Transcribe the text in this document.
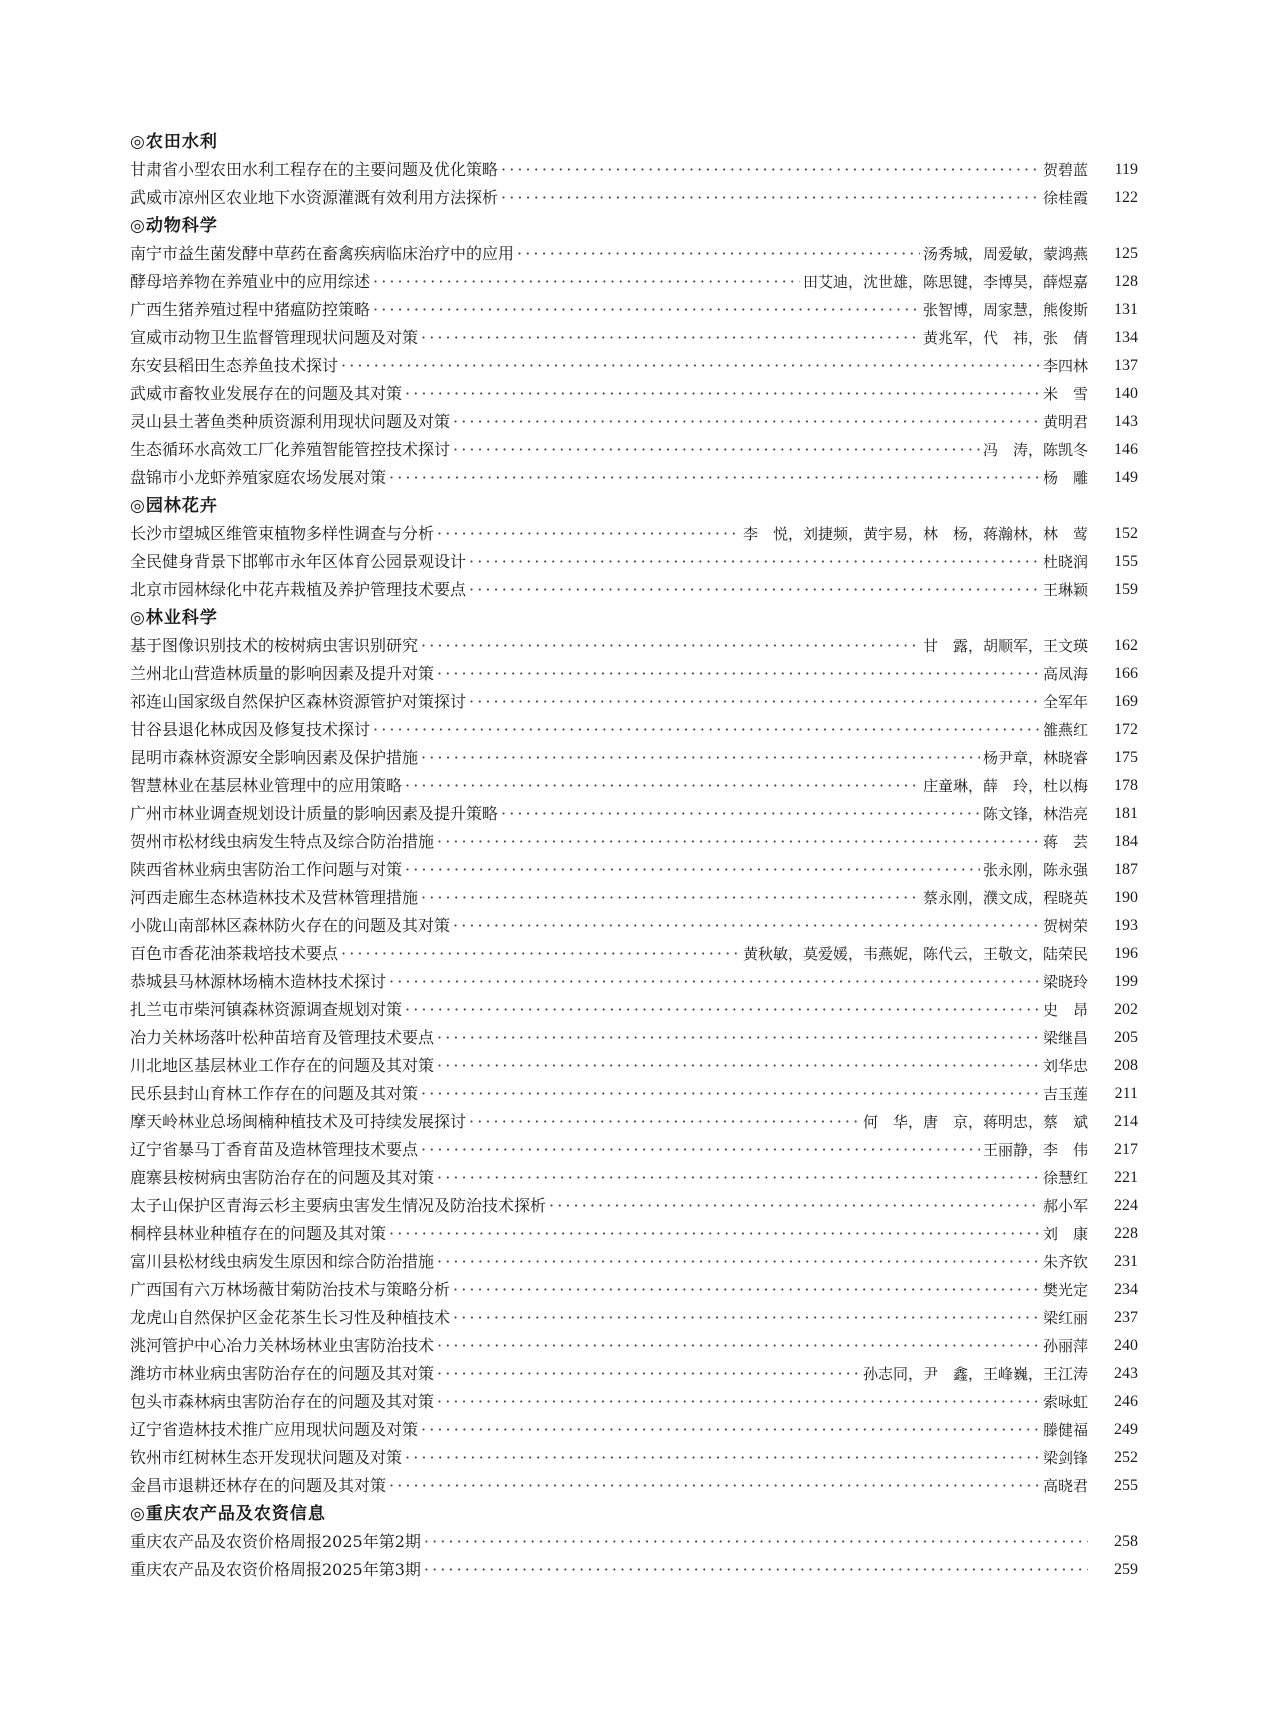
◎农田水利
甘肃省小型农田水利工程存在的主要问题及优化策略 · · ·	贺碧蓝	119
武威市凉州区农业地下水资源灌溉有效利用方法探析 · · ·	徐桂霞	122
◎动物科学
南宁市益生菌发酵中草药在畜禽疾病临床治疗中的应用 · · ·	汤秀城，周爱敏，蒙鸿燕	125
酵母培养物在养殖业中的应用综述 · · ·	田艾迪，沈世雄，陈思键，李博昊，薛煜嘉	128
广西生猪养殖过程中猪瘟防控策略 · · ·	张智博，周家慧，熊俊斯	131
宣威市动物卫生监督管理现状问题及对策 · · ·	黄兆军，代　祎，张　倩	134
东安县稻田生态养鱼技术探讨 · · ·	李四林	137
武威市畜牧业发展存在的问题及其对策 · · ·	米　雪	140
灵山县土著鱼类种质资源利用现状问题及对策 · · ·	黄明君	143
生态循环水高效工厂化养殖智能管控技术探讨 · · ·	冯　涛，陈凯冬	146
盘锦市小龙虾养殖家庭农场发展对策 · · ·	杨　雕	149
◎园林花卉
长沙市望城区维管束植物多样性调查与分析 · · ·	李　悦，刘捷频，黄宇易，林　杨，蒋瀚林，林　莺	152
全民健身背景下邯郸市永年区体育公园景观设计 · · ·	杜晓润	155
北京市园林绿化中花卉栽植及养护管理技术要点 · · ·	王琳颖	159
◎林业科学
基于图像识别技术的桉树病虫害识别研究 · · ·	甘　露，胡顺军，王文瑛	162
兰州北山营造林质量的影响因素及提升对策 · · ·	高凤海	166
祁连山国家级自然保护区森林资源管护对策探讨 · · ·	全军年	169
甘谷县退化林成因及修复技术探讨 · · ·	雒燕红	172
昆明市森林资源安全影响因素及保护措施 · · ·	杨尹章，林晓睿	175
智慧林业在基层林业管理中的应用策略 · · ·	庄童琳，薛　玲，杜以梅	178
广州市林业调查规划设计质量的影响因素及提升策略 · · ·	陈文锋，林浩亮	181
贺州市松材线虫病发生特点及综合防治措施 · · ·	蒋　芸	184
陕西省林业病虫害防治工作问题与对策 · · ·	张永刚，陈永强	187
河西走廊生态林造林技术及营林管理措施 · · ·	蔡永刚，濮文成，程晓英	190
小陇山南部林区森林防火存在的问题及其对策 · · ·	贺树荣	193
百色市香花油茶栽培技术要点 · · ·	黄秋敏，莫爱媛，韦燕妮，陈代云，王敬文，陆荣民	196
恭城县马林源林场楠木造林技术探讨 · · ·	梁晓玲	199
扎兰屯市柴河镇森林资源调查规划对策 · · ·	史　昂	202
冶力关林场落叶松种苗培育及管理技术要点 · · ·	梁继昌	205
川北地区基层林业工作存在的问题及其对策 · · ·	刘华忠	208
民乐县封山育林工作存在的问题及其对策 · · ·	吉玉莲	211
摩天岭林业总场闽楠种植技术及可持续发展探讨 · · ·	何　华，唐　京，蒋明忠，蔡　斌	214
辽宁省暴马丁香育苗及造林管理技术要点 · · ·	王丽静，李　伟	217
鹿寨县桉树病虫害防治存在的问题及其对策 · · ·	徐慧红	221
太子山保护区青海云杉主要病虫害发生情况及防治技术探析 · · ·	郝小军	224
桐梓县林业种植存在的问题及其对策 · · ·	刘　康	228
富川县松材线虫病发生原因和综合防治措施 · · ·	朱齐钦	231
广西国有六万林场薇甘菊防治技术与策略分析 · · ·	樊光定	234
龙虎山自然保护区金花茶生长习性及种植技术 · · ·	梁红丽	237
洮河管护中心冶力关林场林业虫害防治技术 · · ·	孙丽萍	240
潍坊市林业病虫害防治存在的问题及其对策 · · ·	孙志同，尹　鑫，王峰巍，王江涛	243
包头市森林病虫害防治存在的问题及其对策 · · ·	索咏虹	246
辽宁省造林技术推广应用现状问题及对策 · · ·	滕健福	249
钦州市红树林生态开发现状问题及对策 · · ·	梁剑锋	252
金昌市退耕还林存在的问题及其对策 · · ·	高晓君	255
◎重庆农产品及农资信息
重庆农产品及农资价格周报2025年第2期 · · ·	258
重庆农产品及农资价格周报2025年第3期 · · ·	259
